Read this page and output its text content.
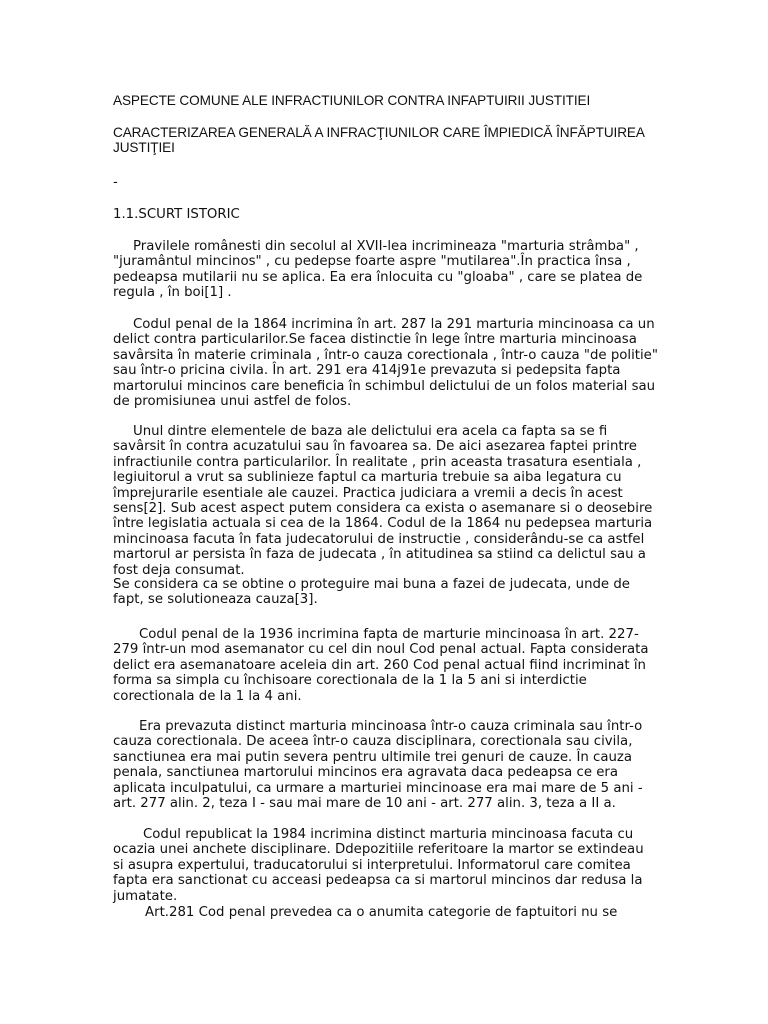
ASPECTE COMUNE ALE INFRACTIUNILOR CONTRA INFAPTUIRII JUSTITIEI

CARACTERIZAREA GENERALĂ A INFRACŢIUNILOR CARE ÎMPIEDICĂ ÎNFĂPTUIREA JUSTIŢIEI

-

1.1.SCURT ISTORIC

Pravilele românesti din secolul al XVII-lea incrimineaza "marturia strâmba" , "juramântul mincinos" , cu pedepse foarte aspre "mutilarea".În practica însa , pedeapsa mutilarii nu se aplica. Ea era înlocuita cu "gloaba" , care se platea de regula , în boi[1] .

Codul penal de la 1864 incrimina în art. 287 la 291 marturia mincinoasa ca un delict contra particularilor.Se facea distinctie în lege între marturia mincinoasa savârsita în materie criminala , într-o cauza corectionala , într-o cauza "de politie" sau într-o pricina civila. În art. 291 era 414j91e prevazuta si pedepsita fapta martorului mincinos care beneficia în schimbul delictului de un folos material sau de promisiunea unui astfel de folos.

Unul dintre elementele de baza ale delictului era acela ca fapta sa se fi savârsit în contra acuzatului sau în favoarea sa. De aici asezarea faptei printre infractiunile contra particularilor. În realitate , prin aceasta trasatura esentiala , legiuitorul a vrut sa sublinieze faptul ca marturia trebuie sa aiba legatura cu împrejurarile esentiale ale cauzei. Practica judiciara a vremii a decis în acest sens[2]. Sub acest aspect putem considera ca exista o asemanare si o deosebire între legislatia actuala si cea de la 1864. Codul de la 1864 nu pedepsea marturia mincinoasa facuta în fata judecatorului de instructie , considerându-se ca astfel martorul ar persista în faza de judecata , în atitudinea sa stiind ca delictul sau a fost deja consumat.

Se considera ca se obtine o proteguire mai buna a fazei de judecata, unde de fapt, se solutioneaza cauza[3].

Codul penal de la 1936 incrimina fapta de marturie mincinoasa în art. 227-279 într-un mod asemanator cu cel din noul Cod penal actual. Fapta considerata delict era asemanatoare aceleia din art. 260 Cod penal actual fiind incriminat în forma sa simpla cu închisoare corectionala de la 1 la 5 ani si interdictie corectionala de la 1 la 4 ani.

Era prevazuta distinct marturia mincinoasa într-o cauza criminala sau într-o cauza corectionala. De aceea într-o cauza disciplinara, corectionala sau civila, sanctiunea era mai putin severa pentru ultimile trei genuri de cauze. În cauza penala, sanctiunea martorului mincinos era agravata daca pedeapsa ce era aplicata inculpatului, ca urmare a marturiei mincinoase era mai mare de 5 ani - art. 277 alin. 2, teza I - sau mai mare de 10 ani - art. 277 alin. 3, teza a II a.

Codul republicat la 1984 incrimina distinct marturia mincinoasa facuta cu ocazia unei anchete disciplinare. Ddepozitiile referitoare la martor se extindeau si asupra expertului, traducatorului si interpretului. Informatorul care comitea fapta era sanctionat cu acceasi pedeapsa ca si martorul mincinos dar redusa la jumatate.

Art.281 Cod penal prevedea ca o anumita categorie de faptuitori nu se
